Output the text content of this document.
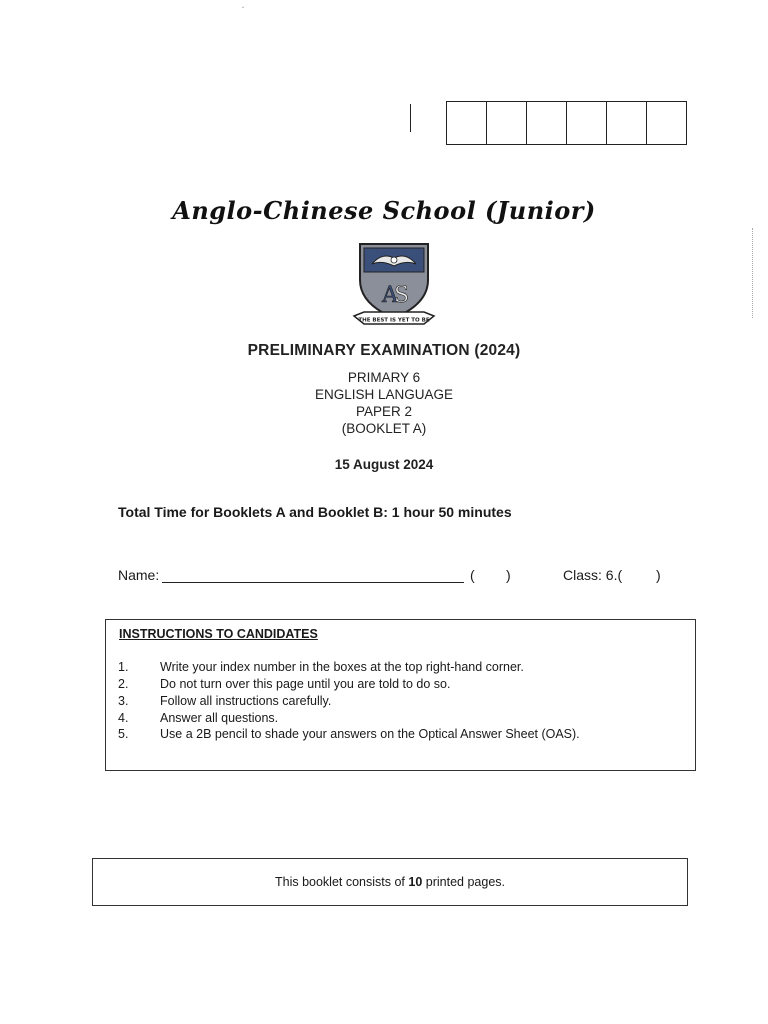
´
Anglo-Chinese School (Junior)
A
S
THE BEST IS YET TO BE
PRELIMINARY EXAMINATION (2024)
PRIMARY 6
ENGLISH LANGUAGE
PAPER 2
(BOOKLET A)
15 August 2024
Total Time for Booklets A and Booklet B: 1 hour 50 minutes
Name:	( )	Class: 6.( )
INSTRUCTIONS TO CANDIDATES
1.	Write your index number in the boxes at the top right-hand corner.
2.	Do not turn over this page until you are told to do so.
3.	Follow all instructions carefully.
4.	Answer all questions.
5.	Use a 2B pencil to shade your answers on the Optical Answer Sheet (OAS).
This booklet consists of 10 printed pages.
